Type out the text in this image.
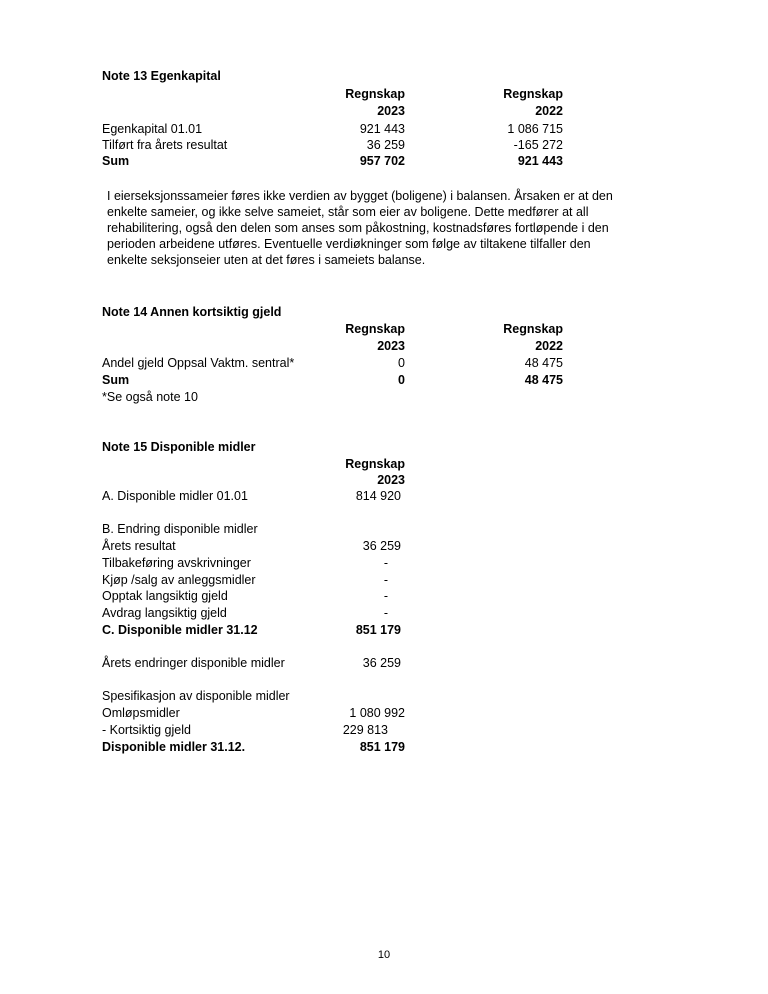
Note 13 Egenkapital
Regnskap
2023
Regnskap
2022
Egenkapital 01.01	921 443	1 086 715
Tilført fra årets resultat	36 259	-165 272
Sum	957 702	921 443
I eierseksjonssameier føres ikke verdien av bygget (boligene) i balansen. Årsaken er at den
enkelte sameier, og ikke selve sameiet, står som eier av boligene. Dette medfører at all
rehabilitering, også den delen som anses som påkostning, kostnadsføres fortløpende i den
perioden arbeidene utføres. Eventuelle verdiøkninger som følge av tiltakene tilfaller den
enkelte seksjonseier uten at det føres i sameiets balanse.
Note 14 Annen kortsiktig gjeld
Regnskap
2023
Regnskap
2022
Andel gjeld Oppsal Vaktm. sentral*	0	48 475
Sum	0	48 475
*Se også note 10
Note 15 Disponible midler
Regnskap
2023
A. Disponible midler 01.01	814 920
B. Endring disponible midler
Årets resultat	36 259
Tilbakeføring avskrivninger	-
Kjøp /salg av anleggsmidler	-
Opptak langsiktig gjeld	-
Avdrag langsiktig gjeld	-
C. Disponible midler 31.12	851 179
Årets endringer disponible midler	36 259
Spesifikasjon av disponible midler
Omløpsmidler	1 080 992
- Kortsiktig gjeld	229 813
Disponible midler 31.12.	851 179
10
